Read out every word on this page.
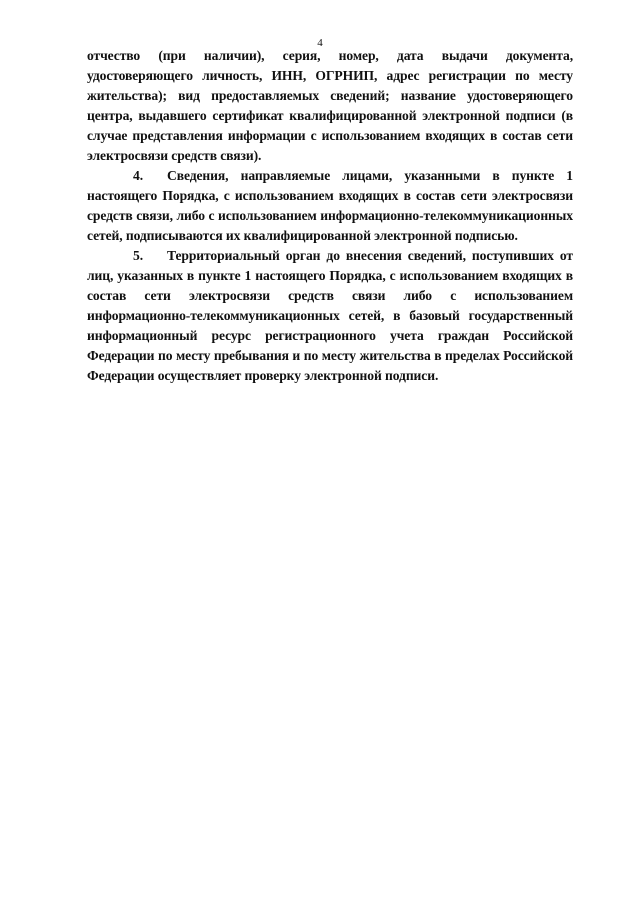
4

отчество (при наличии), серия, номер, дата выдачи документа, удостоверяющего личность, ИНН, ОГРНИП, адрес регистрации по месту жительства); вид предоставляемых сведений; название удостоверяющего центра, выдавшего сертификат квалифицированной электронной подписи (в случае представления информации с использованием входящих в состав сети электросвязи средств связи).

4. Сведения, направляемые лицами, указанными в пункте 1 настоящего Порядка, с использованием входящих в состав сети электросвязи средств связи, либо с использованием информационно-телекоммуникационных сетей, подписываются их квалифицированной электронной подписью.

5. Территориальный орган до внесения сведений, поступивших от лиц, указанных в пункте 1 настоящего Порядка, с использованием входящих в состав сети электросвязи средств связи либо с использованием информационно-телекоммуникационных сетей, в базовый государственный информационный ресурс регистрационного учета граждан Российской Федерации по месту пребывания и по месту жительства в пределах Российской Федерации осуществляет проверку электронной подписи.
